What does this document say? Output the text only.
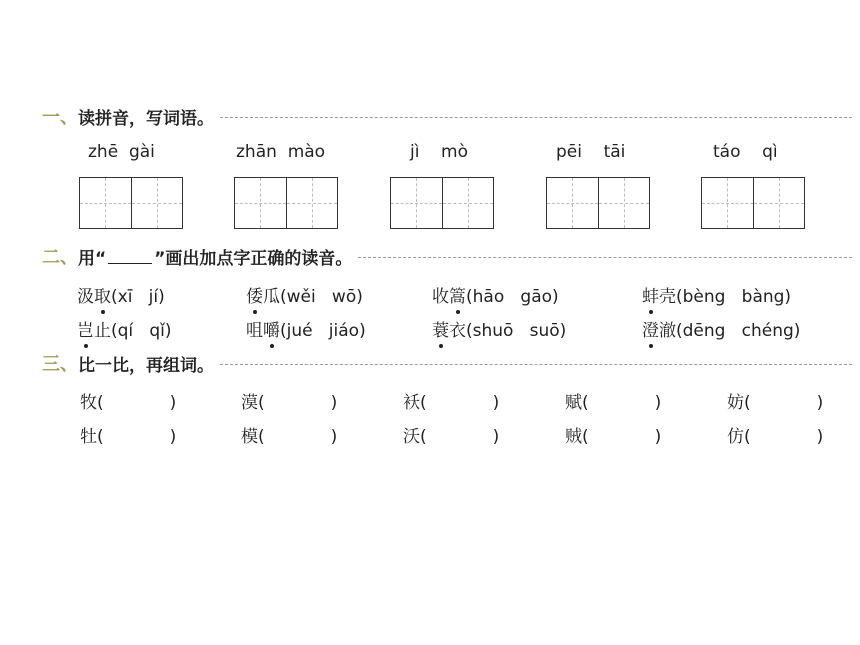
一、 读拼音，写词语。
zhē  gài	zhān  mào	jì    mò	pēi    tāi	táo    qì
二、 用“	”画出加点字正确的读音。
汲取(xī   jí)	倭瓜(wěi   wō)	收篙(hāo   gāo)	蚌壳(bèng   bàng)
岂止(qí   qǐ)	咀嚼(jué   jiáo)	蓑衣(shuō   suō)	澄澈(dēng   chéng)
三、 比一比，再组词。
牧(	)	漠(	)	袄(	)	赋(	)	妨(	)
牡(	)	模(	)	沃(	)	贼(	)	仿(	)
